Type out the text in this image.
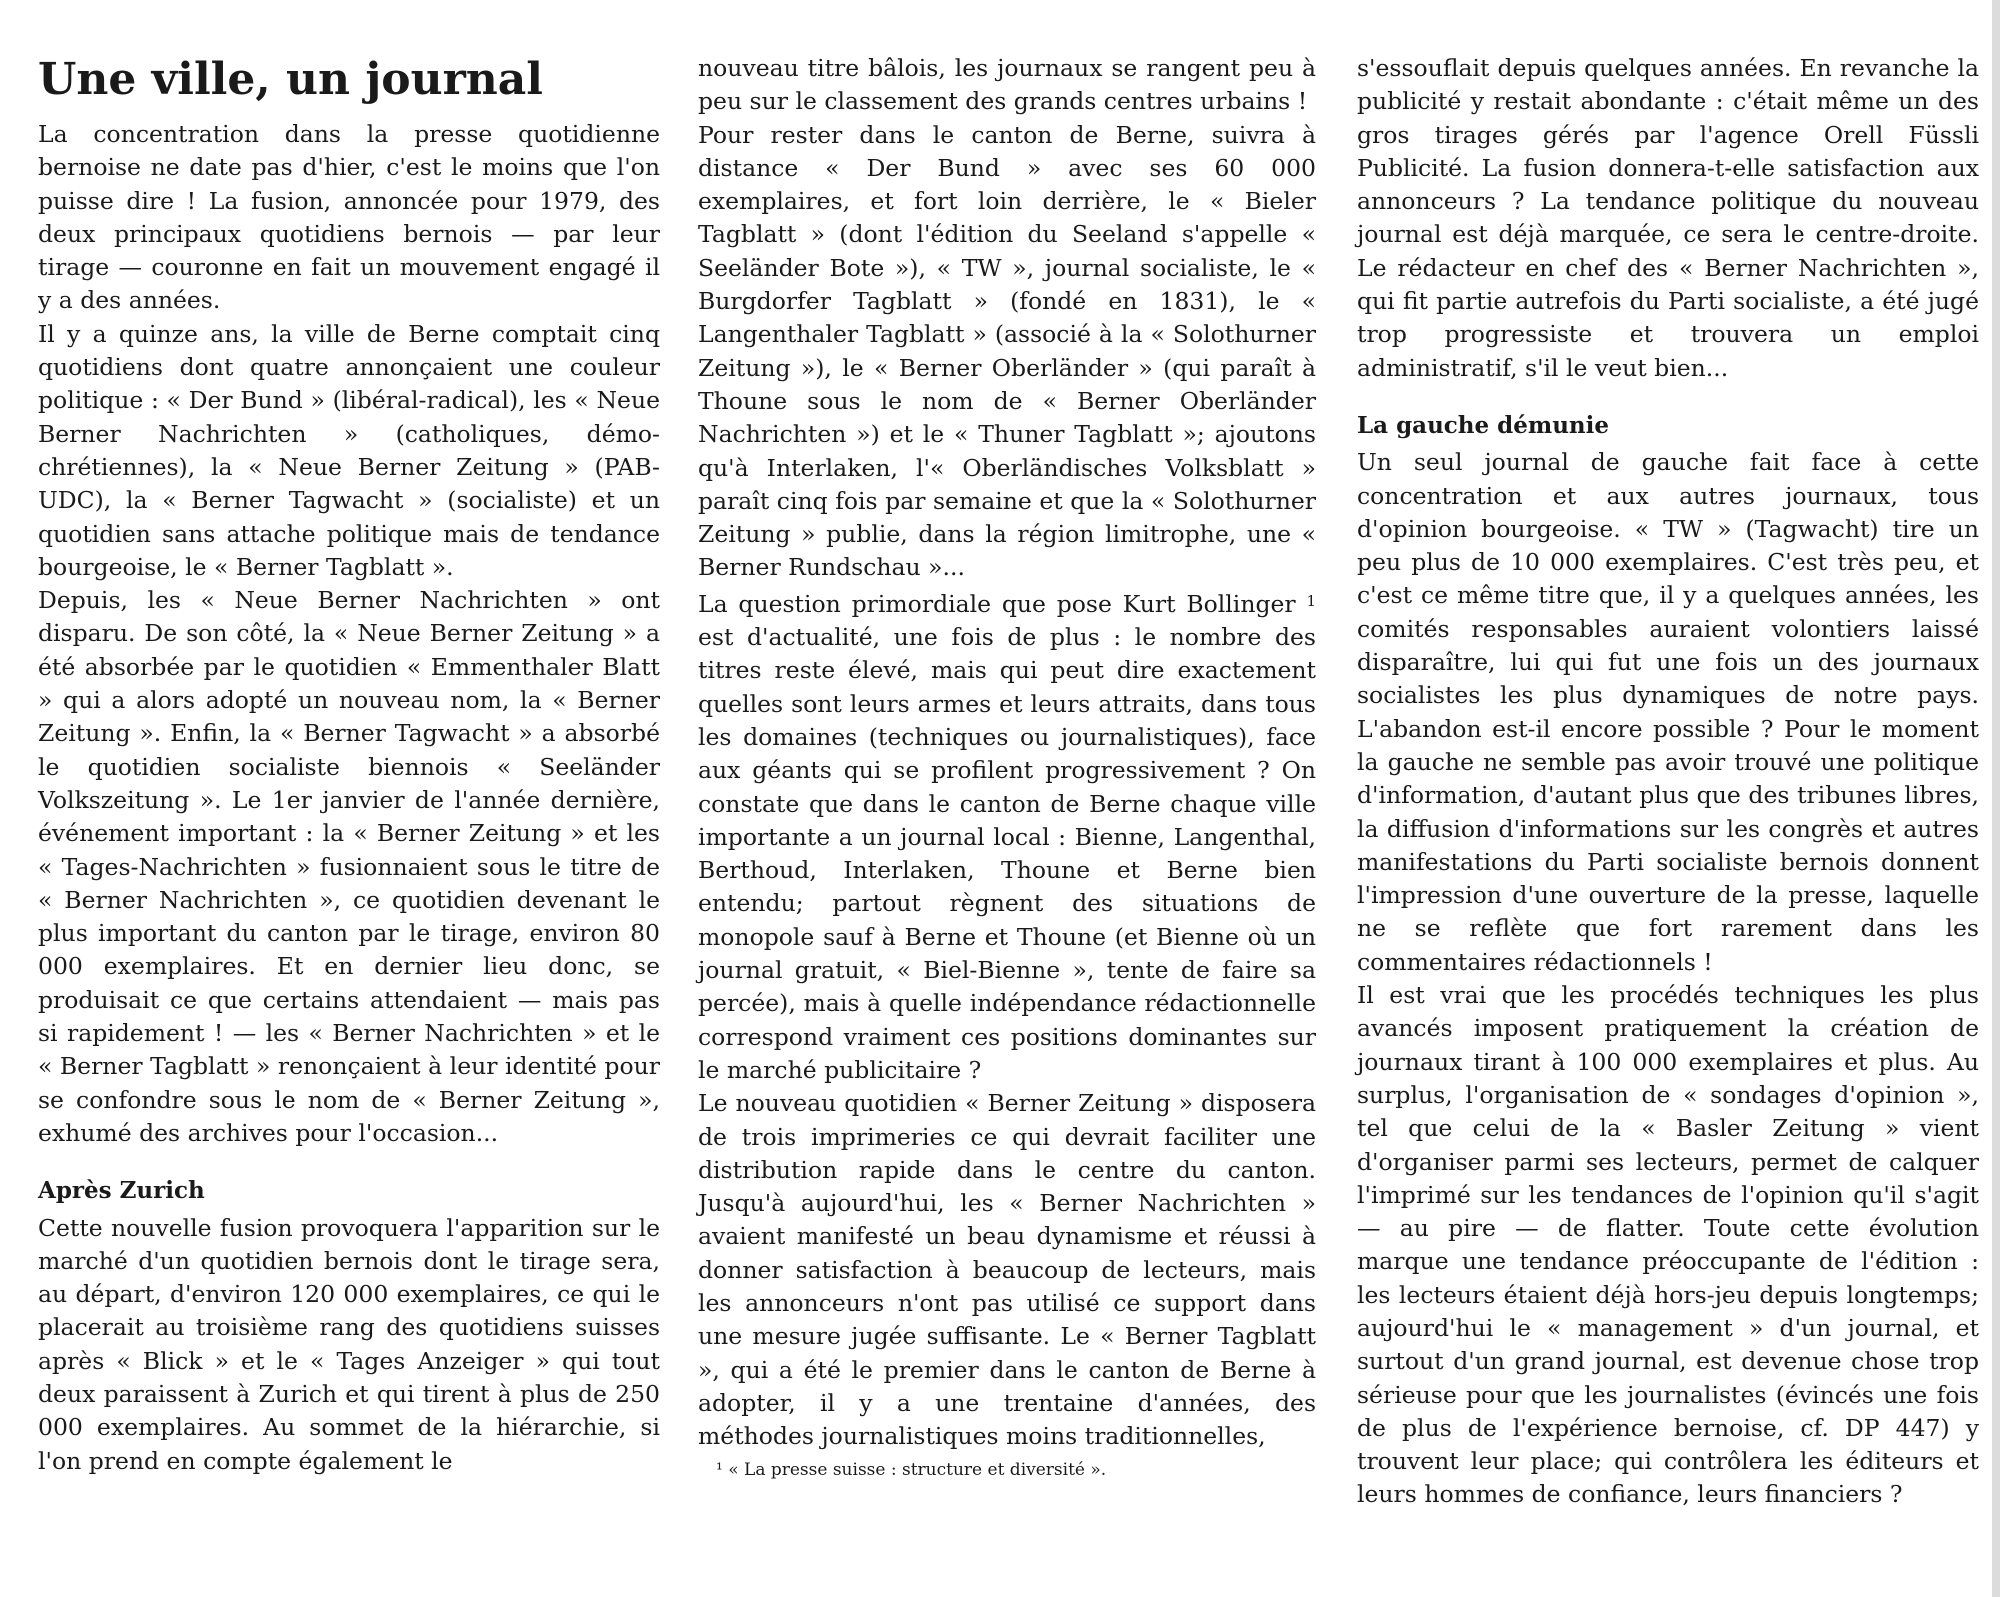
Une ville, un journal

La concentration dans la presse quotidienne bernoise ne date pas d'hier, c'est le moins que l'on puisse dire ! La fusion, annoncée pour 1979, des deux principaux quotidiens bernois — par leur tirage — couronne en fait un mouvement engagé il y a des années.

Il y a quinze ans, la ville de Berne comptait cinq quotidiens dont quatre annonçaient une couleur politique : « Der Bund » (libéral-radical), les « Neue Berner Nachrichten » (catholiques, démo-chrétiennes), la « Neue Berner Zeitung » (PAB-UDC), la « Berner Tagwacht » (socialiste) et un quotidien sans attache politique mais de tendance bourgeoise, le « Berner Tagblatt ».

Depuis, les « Neue Berner Nachrichten » ont disparu. De son côté, la « Neue Berner Zeitung » a été absorbée par le quotidien « Emmenthaler Blatt » qui a alors adopté un nouveau nom, la « Berner Zeitung ». Enfin, la « Berner Tagwacht » a absorbé le quotidien socialiste biennois « Seeländer Volkszeitung ». Le 1er janvier de l'année dernière, événement important : la « Berner Zeitung » et les « Tages-Nachrichten » fusionnaient sous le titre de « Berner Nachrichten », ce quotidien devenant le plus important du canton par le tirage, environ 80 000 exemplaires. Et en dernier lieu donc, se produisait ce que certains attendaient — mais pas si rapidement ! — les « Berner Nachrichten » et le « Berner Tagblatt » renonçaient à leur identité pour se confondre sous le nom de « Berner Zeitung », exhumé des archives pour l'occasion...

Après Zurich

Cette nouvelle fusion provoquera l'apparition sur le marché d'un quotidien bernois dont le tirage sera, au départ, d'environ 120 000 exemplaires, ce qui le placerait au troisième rang des quotidiens suisses après « Blick » et le « Tages Anzeiger » qui tout deux paraissent à Zurich et qui tirent à plus de 250 000 exemplaires. Au sommet de la hiérarchie, si l'on prend en compte également le

nouveau titre bâlois, les journaux se rangent peu à peu sur le classement des grands centres urbains !

Pour rester dans le canton de Berne, suivra à distance « Der Bund » avec ses 60 000 exemplaires, et fort loin derrière, le « Bieler Tagblatt » (dont l'édition du Seeland s'appelle « Seeländer Bote »), « TW », journal socialiste, le « Burgdorfer Tagblatt » (fondé en 1831), le « Langenthaler Tagblatt » (associé à la « Solothurner Zeitung »), le « Berner Oberländer » (qui paraît à Thoune sous le nom de « Berner Oberländer Nachrichten ») et le « Thuner Tagblatt »; ajoutons qu'à Interlaken, l'« Oberländisches Volksblatt » paraît cinq fois par semaine et que la « Solothurner Zeitung » publie, dans la région limitrophe, une « Berner Rundschau »...

La question primordiale que pose Kurt Bollinger $^1$ est d'actualité, une fois de plus : le nombre des titres reste élevé, mais qui peut dire exactement quelles sont leurs armes et leurs attraits, dans tous les domaines (techniques ou journalistiques), face aux géants qui se profilent progressivement ? On constate que dans le canton de Berne chaque ville importante a un journal local : Bienne, Langenthal, Berthoud, Interlaken, Thoune et Berne bien entendu; partout règnent des situations de monopole sauf à Berne et Thoune (et Bienne où un journal gratuit, « Biel-Bienne », tente de faire sa percée), mais à quelle indépendance rédactionnelle correspond vraiment ces positions dominantes sur le marché publicitaire ?

Le nouveau quotidien « Berner Zeitung » disposera de trois imprimeries ce qui devrait faciliter une distribution rapide dans le centre du canton. Jusqu'à aujourd'hui, les « Berner Nachrichten » avaient manifesté un beau dynamisme et réussi à donner satisfaction à beaucoup de lecteurs, mais les annonceurs n'ont pas utilisé ce support dans une mesure jugée suffisante. Le « Berner Tagblatt », qui a été le premier dans le canton de Berne à adopter, il y a une trentaine d'années, des méthodes journalistiques moins traditionnelles,

¹ « La presse suisse : structure et diversité ».

s'essouflait depuis quelques années. En revanche la publicité y restait abondante : c'était même un des gros tirages gérés par l'agence Orell Füssli Publicité. La fusion donnera-t-elle satisfaction aux annonceurs ? La tendance politique du nouveau journal est déjà marquée, ce sera le centre-droite. Le rédacteur en chef des « Berner Nachrichten », qui fit partie autrefois du Parti socialiste, a été jugé trop progressiste et trouvera un emploi administratif, s'il le veut bien...

La gauche démunie

Un seul journal de gauche fait face à cette concentration et aux autres journaux, tous d'opinion bourgeoise. « TW » (Tagwacht) tire un peu plus de 10 000 exemplaires. C'est très peu, et c'est ce même titre que, il y a quelques années, les comités responsables auraient volontiers laissé disparaître, lui qui fut une fois un des journaux socialistes les plus dynamiques de notre pays. L'abandon est-il encore possible ? Pour le moment la gauche ne semble pas avoir trouvé une politique d'information, d'autant plus que des tribunes libres, la diffusion d'informations sur les congrès et autres manifestations du Parti socialiste bernois donnent l'impression d'une ouverture de la presse, laquelle ne se reflète que fort rarement dans les commentaires rédactionnels !

Il est vrai que les procédés techniques les plus avancés imposent pratiquement la création de journaux tirant à 100 000 exemplaires et plus. Au surplus, l'organisation de « sondages d'opinion », tel que celui de la « Basler Zeitung » vient d'organiser parmi ses lecteurs, permet de calquer l'imprimé sur les tendances de l'opinion qu'il s'agit — au pire — de flatter. Toute cette évolution marque une tendance préoccupante de l'édition : les lecteurs étaient déjà hors-jeu depuis longtemps; aujourd'hui le « management » d'un journal, et surtout d'un grand journal, est devenue chose trop sérieuse pour que les journalistes (évincés une fois de plus de l'expérience bernoise, cf. DP 447) y trouvent leur place; qui contrôlera les éditeurs et leurs hommes de confiance, leurs financiers ?
